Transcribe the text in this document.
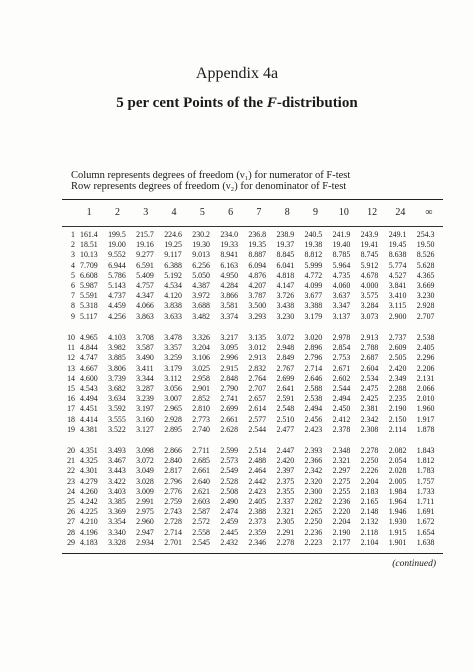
Appendix 4a
5 per cent Points of the F-distribution
Column represents degrees of freedom (ν₁) for numerator of F-test
Row represents degrees of freedom (ν₂) for denominator of F-test
	1	2	3	4	5	6	7	8	9	10	12	24	∞
1	161.4	199.5	215.7	224.6	230.2	234.0	236.8	238.9	240.5	241.9	243.9	249.1	254.3
2	18.51	19.00	19.16	19.25	19.30	19.33	19.35	19.37	19.38	19.40	19.41	19.45	19.50
3	10.13	9.552	9.277	9.117	9.013	8.941	8.887	8.845	8.812	8.785	8.745	8.638	8.526
4	7.709	6.944	6.591	6.388	6.256	6.163	6.094	6.041	5.999	5.964	5.912	5.774	5.628
5	6.608	5.786	5.409	5.192	5.050	4.950	4.876	4.818	4.772	4.735	4.678	4.527	4.365
6	5.987	5.143	4.757	4.534	4.387	4.284	4.207	4.147	4.099	4.060	4.000	3.841	3.669
7	5.591	4.737	4.347	4.120	3.972	3.866	3.787	3.726	3.677	3.637	3.575	3.410	3.230
8	5.318	4.459	4.066	3.838	3.688	3.581	3.500	3.438	3.388	3.347	3.284	3.115	2.928
9	5.117	4.256	3.863	3.633	3.482	3.374	3.293	3.230	3.179	3.137	3.073	2.900	2.707
10	4.965	4.103	3.708	3.478	3.326	3.217	3.135	3.072	3.020	2.978	2.913	2.737	2.538
11	4.844	3.982	3.587	3.357	3.204	3.095	3.012	2.948	2.896	2.854	2.788	2.609	2.405
12	4.747	3.885	3.490	3.259	3.106	2.996	2.913	2.849	2.796	2.753	2.687	2.505	2.296
13	4.667	3.806	3.411	3.179	3.025	2.915	2.832	2.767	2.714	2.671	2.604	2.420	2.206
14	4.600	3.739	3.344	3.112	2.958	2.848	2.764	2.699	2.646	2.602	2.534	2.349	2.131
15	4.543	3.682	3.287	3.056	2.901	2.790	2.707	2.641	2.588	2.544	2.475	2.288	2.066
16	4.494	3.634	3.239	3.007	2.852	2.741	2.657	2.591	2.538	2.494	2.425	2.235	2.010
17	4.451	3.592	3.197	2.965	2.810	2.699	2.614	2.548	2.494	2.450	2.381	2.190	1.960
18	4.414	3.555	3.160	2.928	2.773	2.661	2.577	2.510	2.456	2.412	2.342	2.150	1.917
19	4.381	3.522	3.127	2.895	2.740	2.628	2.544	2.477	2.423	2.378	2.308	2.114	1.878
20	4.351	3.493	3.098	2.866	2.711	2.599	2.514	2.447	2.393	2.348	2.278	2.082	1.843
21	4.325	3.467	3.072	2.840	2.685	2.573	2.488	2.420	2.366	2.321	2.250	2.054	1.812
22	4.301	3.443	3.049	2.817	2.661	2.549	2.464	2.397	2.342	2.297	2.226	2.028	1.783
23	4.279	3.422	3.028	2.796	2.640	2.528	2.442	2.375	2.320	2.275	2.204	2.005	1.757
24	4.260	3.403	3.009	2.776	2.621	2.508	2.423	2.355	2.300	2.255	2.183	1.984	1.733
25	4.242	3.385	2.991	2.759	2.603	2.490	2.405	2.337	2.282	2.236	2.165	1.964	1.711
26	4.225	3.369	2.975	2.743	2.587	2.474	2.388	2.321	2.265	2.220	2.148	1.946	1.691
27	4.210	3.354	2.960	2.728	2.572	2.459	2.373	2.305	2.250	2.204	2.132	1.930	1.672
28	4.196	3.340	2.947	2.714	2.558	2.445	2.359	2.291	2.236	2.190	2.118	1.915	1.654
29	4.183	3.328	2.934	2.701	2.545	2.432	2.346	2.278	2.223	2.177	2.104	1.901	1.638
(continued)
